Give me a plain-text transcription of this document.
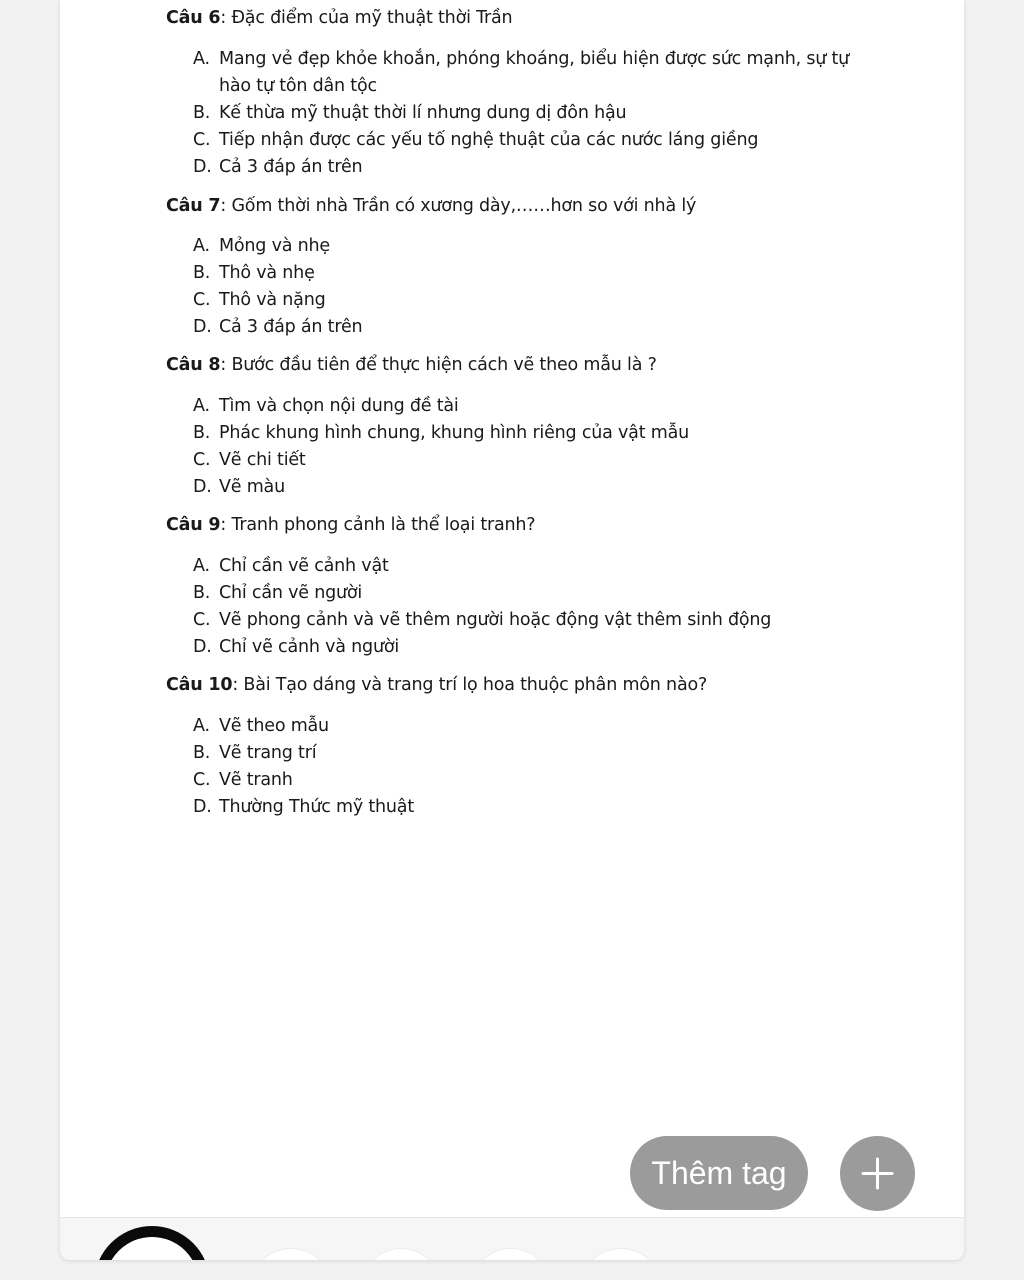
Câu 6: Đặc điểm của mỹ thuật thời Trần
A. Mang vẻ đẹp khỏe khoắn, phóng khoáng, biểu hiện được sức mạnh, sự tự hào tự tôn dân tộc
B. Kế thừa mỹ thuật thời lí nhưng dung dị đôn hậu
C. Tiếp nhận được các yếu tố nghệ thuật của các nước láng giềng
D. Cả 3 đáp án trên
Câu 7: Gốm thời nhà Trần có xương dày,……hơn so với nhà lý
A. Mỏng và nhẹ
B. Thô và nhẹ
C. Thô và nặng
D. Cả 3 đáp án trên
Câu 8: Bước đầu tiên để thực hiện cách vẽ theo mẫu là ?
A. Tìm và chọn nội dung đề tài
B. Phác khung hình chung, khung hình riêng của vật mẫu
C. Vẽ chi tiết
D. Vẽ màu
Câu 9: Tranh phong cảnh là thể loại tranh?
A. Chỉ cần vẽ cảnh vật
B. Chỉ cần vẽ người
C. Vẽ phong cảnh và vẽ thêm người hoặc động vật thêm sinh động
D. Chỉ vẽ cảnh và người
Câu 10: Bài Tạo dáng và trang trí lọ hoa thuộc phân môn nào?
A. Vẽ theo mẫu
B. Vẽ trang trí
C. Vẽ tranh
D. Thường Thức mỹ thuật
Thêm tag
